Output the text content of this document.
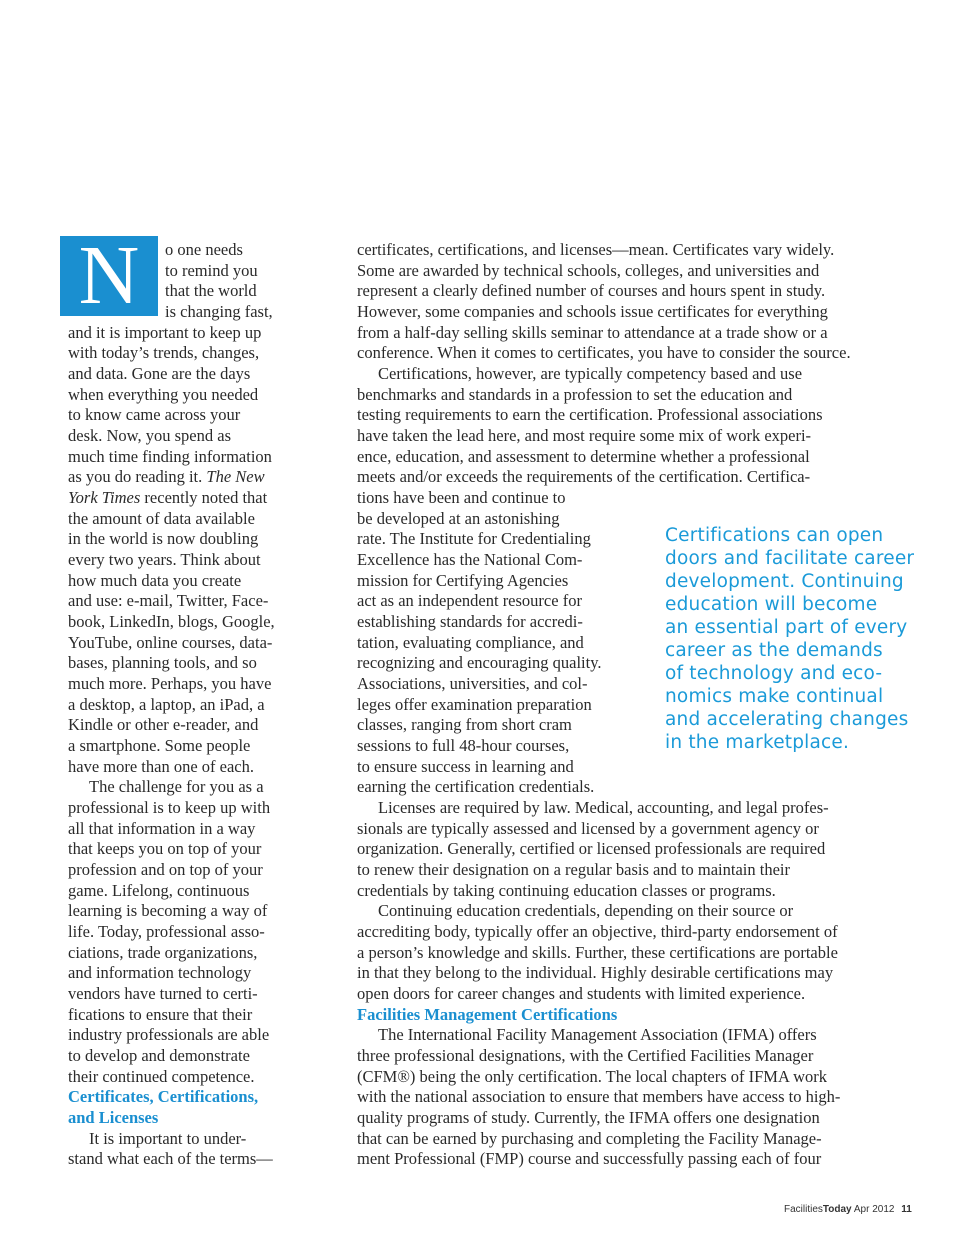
N	o one needs
to remind you
that the world
is changing fast,
and it is important to keep up
with today’s trends, changes,
and data. Gone are the days
when everything you needed
to know came across your
desk. Now, you spend as
much time finding information
as you do reading it. The New
York Times recently noted that
the amount of data available
in the world is now doubling
every two years. Think about
how much data you create
and use: e-mail, Twitter, Face-
book, LinkedIn, blogs, Google,
YouTube, online courses, data-
bases, planning tools, and so
much more. Perhaps, you have
a desktop, a laptop, an iPad, a
Kindle or other e-reader, and
a smartphone. Some people
have more than one of each.
The challenge for you as a
professional is to keep up with
all that information in a way
that keeps you on top of your
profession and on top of your
game. Lifelong, continuous
learning is becoming a way of
life. Today, professional asso-
ciations, trade organizations,
and information technology
vendors have turned to certi-
fications to ensure that their
industry professionals are able
to develop and demonstrate
their continued competence.
Certificates, Certifications,
and Licenses
It is important to under-
stand what each of the terms—
certificates, certifications, and licenses—mean. Certificates vary widely.
Some are awarded by technical schools, colleges, and universities and
represent a clearly defined number of courses and hours spent in study.
However, some companies and schools issue certificates for everything
from a half-day selling skills seminar to attendance at a trade show or a
conference. When it comes to certificates, you have to consider the source.
Certifications, however, are typically competency based and use
benchmarks and standards in a profession to set the education and
testing requirements to earn the certification. Professional associations
have taken the lead here, and most require some mix of work experi-
ence, education, and assessment to determine whether a professional
meets and/or exceeds the requirements of the certification. Certifica-
tions have been and continue to
be developed at an astonishing
rate. The Institute for Credentialing
Excellence has the National Com-
mission for Certifying Agencies
act as an independent resource for
establishing standards for accredi-
tation, evaluating compliance, and
recognizing and encouraging quality.
Associations, universities, and col-
leges offer examination preparation
classes, ranging from short cram
sessions to full 48-hour courses,
to ensure success in learning and
earning the certification credentials.
Licenses are required by law. Medical, accounting, and legal profes-
sionals are typically assessed and licensed by a government agency or
organization. Generally, certified or licensed professionals are required
to renew their designation on a regular basis and to maintain their
credentials by taking continuing education classes or programs.
Continuing education credentials, depending on their source or
accrediting body, typically offer an objective, third-party endorsement of
a person’s knowledge and skills. Further, these certifications are portable
in that they belong to the individual. Highly desirable certifications may
open doors for career changes and students with limited experience.
Facilities Management Certifications
The International Facility Management Association (IFMA) offers
three professional designations, with the Certified Facilities Manager
(CFM®) being the only certification. The local chapters of IFMA work
with the national association to ensure that members have access to high-
quality programs of study. Currently, the IFMA offers one designation
that can be earned by purchasing and completing the Facility Manage-
ment Professional (FMP) course and successfully passing each of four
Certifications can open
doors and facilitate career
development. Continuing
education will become
an essential part of every
career as the demands
of technology and eco-
nomics make continual
and accelerating changes
in the marketplace.
FacilitiesToday Apr 2012 11
